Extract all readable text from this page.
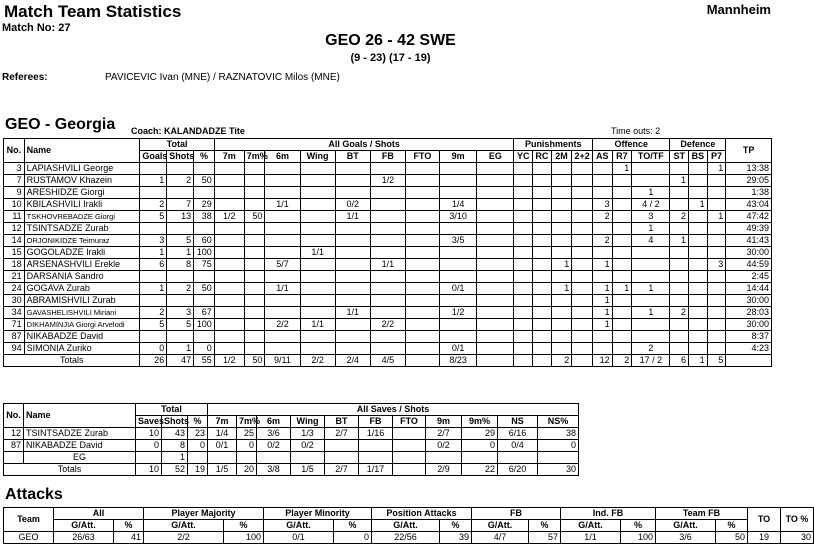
Match Team Statistics
Match No: 27
Mannheim
GEO 26 - 42 SWE
(9 - 23) (17 - 19)
Referees:	PAVICEVIC Ivan (MNE) / RAZNATOVIC Milos (MNE)
GEO - Georgia Coach: KALANDADZE Tite	Time outs: 2
No.	Name	Total			All Goals / Shots									Punishments				Offence			Defence			TP
		Goals	Shots	%	7m	7m%	6m	Wing	BT	FB	FTO	9m	EG	YC	RC	2M	2+2	AS	R7	TO/TF	ST	BS	P7	
3	LAPIASHVILI George																		1				1	13:38
7	RUSTAMOV Khazein	1	2	50						1/2											1			29:05
9	ARESHIDZE Giorgi																			1				1:38
10	KBILASHVILI Irakli	2	7	29			1/1		0/2			1/4						3		4 / 2		1		43:04
11	TSKHOVREBADZE Giorgi	5	13	38	1/2	50			1/1			3/10						2		3	2		1	47:42
12	TSINTSADZE Zurab																			1				49:39
14	ORJONIKIDZE Teimuraz	3	5	60								3/5						2		4	1			41:43
15	GOGOLADZE Irakli	1	1	100				1/1																30:00
18	ARSENASHVILI Erekle	6	8	75			5/7			1/1						1		1					3	44:59
21	DARSANIA Sandro																							2:45
24	GOGAVA Zurab	1	2	50			1/1					0/1				1		1	1	1				14:44
30	ABRAMISHVILI Zurab																	1						30:00
34	GAVASHELISHVILI Miriani	2	3	67					1/1			1/2						1		1	2			28:03
71	DIKHAMINJIA Giorgi Arvelodi	5	5	100			2/2	1/1		2/2								1						30:00
87	NIKABADZE David																							8:37
94	SIMONIA Zuriko	0	1	0								0/1								2				4:23
Totals		26	47	55	1/2	50	9/11	2/2	2/4	4/5		8/23				2		12	2	17 / 2	6	1	5	
No.	Name	Total			All Saves / Shots										
		Saves	Shots	%	7m	7m%	6m	Wing	BT	FB	FTO	9m	9m%	NS	NS%
12	TSINTSADZE Zurab	10	43	23	1/4	25	3/6	1/3	2/7	1/16		2/7	29	6/16	38
87	NIKABADZE David	0	8	0	0/1	0	0/2	0/2				0/2	0	0/4	0
	EG		1												
Totals		10	52	19	1/5	20	3/8	1/5	2/7	1/17		2/9	22	6/20	30
Attacks
Team	All		Player Majority		Player Minority		Position Attacks		FB		Ind. FB		Team FB		TO	TO %
	G/Att.	%	G/Att.	%	G/Att.	%	G/Att.	%	G/Att.	%	G/Att.	%	G/Att.	%		
GEO	26/63	41	2/2	100	0/1	0	22/56	39	4/7	57	1/1	100	3/6	50	19	30
